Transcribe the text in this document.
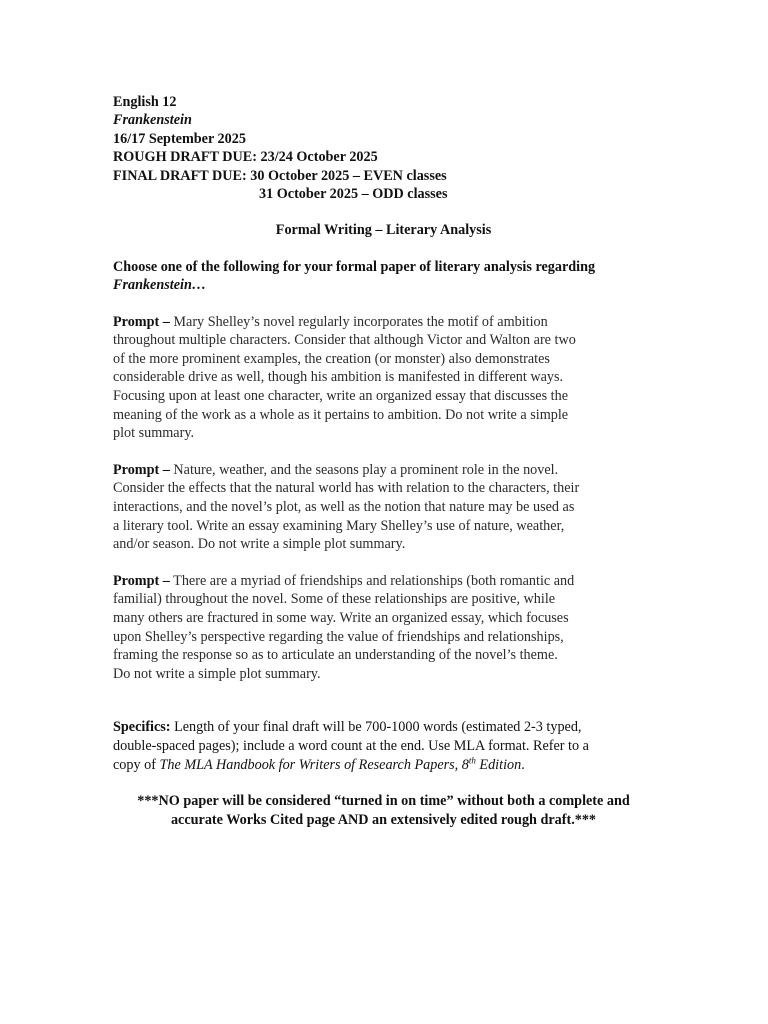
English 12

Frankenstein

16/17 September 2025

ROUGH DRAFT DUE: 23/24 October 2025

FINAL DRAFT DUE: 30 October 2025 – EVEN classes

31 October 2025 – ODD classes

Formal Writing – Literary Analysis

Choose one of the following for your formal paper of literary analysis regarding
Frankenstein…

Prompt – Mary Shelley’s novel regularly incorporates the motif of ambition
throughout multiple characters. Consider that although Victor and Walton are two
of the more prominent examples, the creation (or monster) also demonstrates
considerable drive as well, though his ambition is manifested in different ways.
Focusing upon at least one character, write an organized essay that discusses the
meaning of the work as a whole as it pertains to ambition. Do not write a simple
plot summary.

Prompt – Nature, weather, and the seasons play a prominent role in the novel.
Consider the effects that the natural world has with relation to the characters, their
interactions, and the novel’s plot, as well as the notion that nature may be used as
a literary tool. Write an essay examining Mary Shelley’s use of nature, weather,
and/or season. Do not write a simple plot summary.

Prompt – There are a myriad of friendships and relationships (both romantic and
familial) throughout the novel. Some of these relationships are positive, while
many others are fractured in some way. Write an organized essay, which focuses
upon Shelley’s perspective regarding the value of friendships and relationships,
framing the response so as to articulate an understanding of the novel’s theme.
Do not write a simple plot summary.

Specifics: Length of your final draft will be 700-1000 words (estimated 2-3 typed,
double-spaced pages); include a word count at the end. Use MLA format. Refer to a
copy of The MLA Handbook for Writers of Research Papers, 8th Edition.

***NO paper will be considered “turned in on time” without both a complete and
accurate Works Cited page AND an extensively edited rough draft.***
